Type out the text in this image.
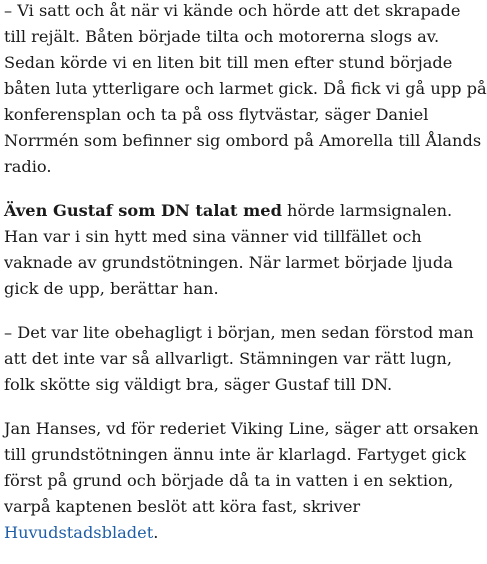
– Vi satt och åt när vi kände och hörde att det skrapade till rejält. Båten började tilta och motorerna slogs av. Sedan körde vi en liten bit till men efter stund började båten luta ytterligare och larmet gick. Då fick vi gå upp på konferensplan och ta på oss flytvästar, säger Daniel Norrmén som befinner sig ombord på Amorella till Ålands radio.

Även Gustaf som DN talat med hörde larmsignalen. Han var i sin hytt med sina vänner vid tillfället och vaknade av grundstötningen. När larmet började ljuda gick de upp, berättar han.

– Det var lite obehagligt i början, men sedan förstod man att det inte var så allvarligt. Stämningen var rätt lugn, folk skötte sig väldigt bra, säger Gustaf till DN.

Jan Hanses, vd för rederiet Viking Line, säger att orsaken till grundstötningen ännu inte är klarlagd. Fartyget gick först på grund och började då ta in vatten i en sektion, varpå kaptenen beslöt att köra fast, skriver Huvudstadsbladet.
